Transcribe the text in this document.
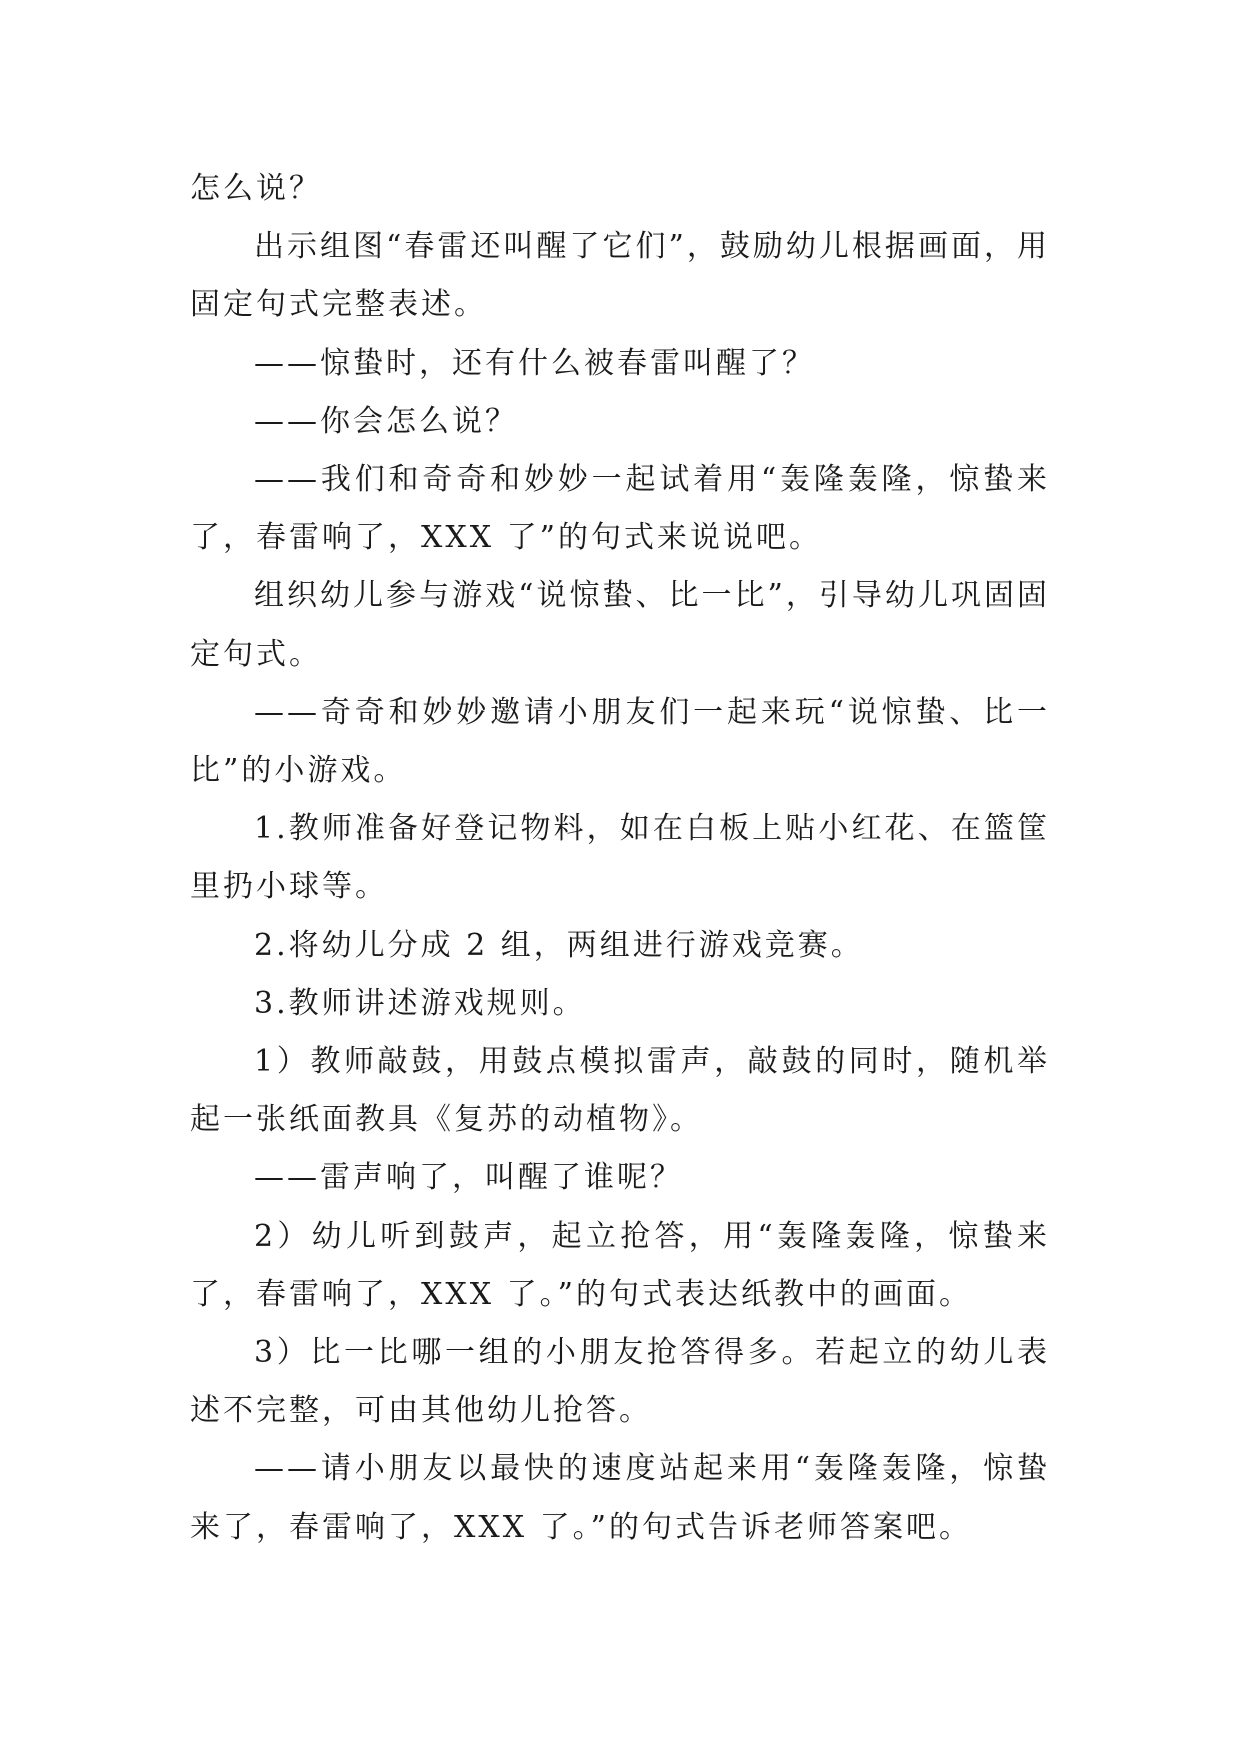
怎么说？

出示组图“春雷还叫醒了它们”，鼓励幼儿根据画面，用固定句式完整表述。

——惊蛰时，还有什么被春雷叫醒了？

——你会怎么说？

——我们和奇奇和妙妙一起试着用“轰隆轰隆，惊蛰来了，春雷响了，XXX 了”的句式来说说吧。

组织幼儿参与游戏“说惊蛰、比一比”，引导幼儿巩固固定句式。

——奇奇和妙妙邀请小朋友们一起来玩“说惊蛰、比一比”的小游戏。

1.教师准备好登记物料，如在白板上贴小红花、在篮筐里扔小球等。

2.将幼儿分成 2 组，两组进行游戏竞赛。

3.教师讲述游戏规则。

1）教师敲鼓，用鼓点模拟雷声，敲鼓的同时，随机举起一张纸面教具《复苏的动植物》。

——雷声响了，叫醒了谁呢？

2）幼儿听到鼓声，起立抢答，用“轰隆轰隆，惊蛰来了，春雷响了，XXX 了。”的句式表达纸教中的画面。

3）比一比哪一组的小朋友抢答得多。若起立的幼儿表述不完整，可由其他幼儿抢答。

——请小朋友以最快的速度站起来用“轰隆轰隆，惊蛰来了，春雷响了，XXX 了。”的句式告诉老师答案吧。
